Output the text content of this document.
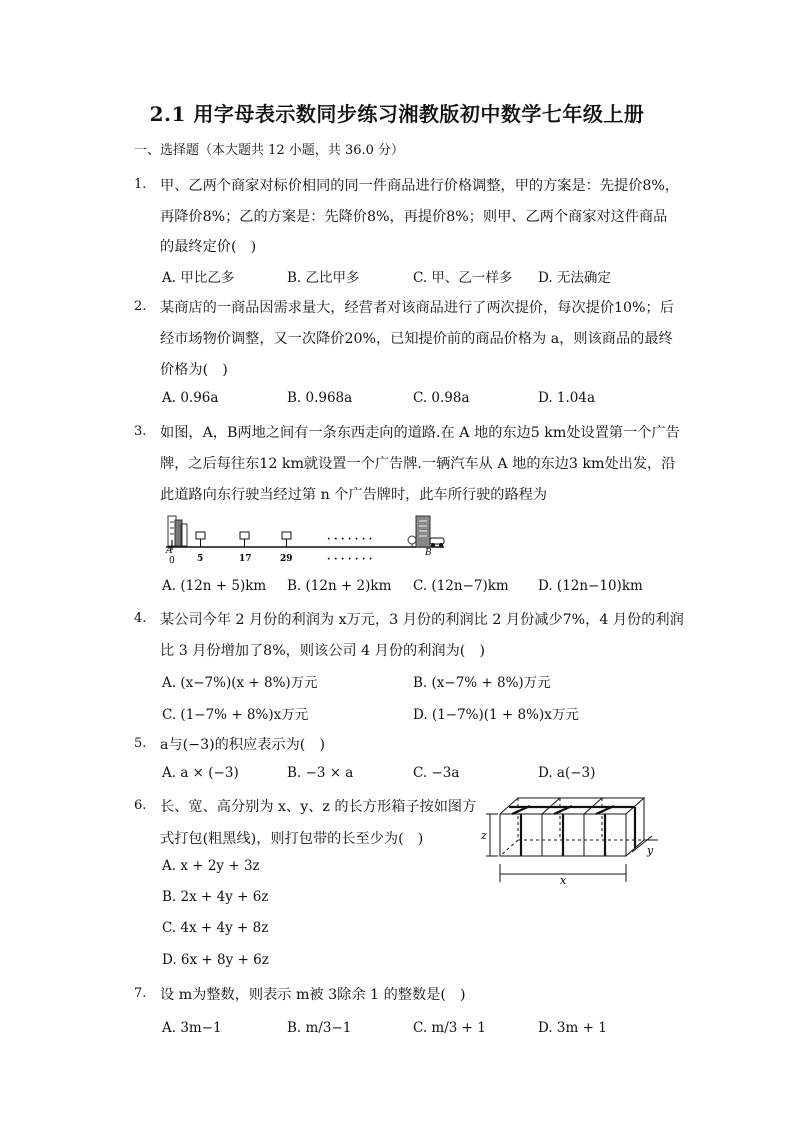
2.1 用字母表示数同步练习湘教版初中数学七年级上册
一、选择题（本大题共 12 小题，共 36.0 分）
1. 甲、乙两个商家对标价相同的同一件商品进行价格调整，甲的方案是：先提价8%，
再降价8%；乙的方案是：先降价8%，再提价8%；则甲、乙两个商家对这件商品
的最终定价(　)
A. 甲比乙多	B. 乙比甲多	C. 甲、乙一样多 D. 无法确定
2. 某商店的一商品因需求量大，经营者对该商品进行了两次提价，每次提价10%；后
经市场物价调整，又一次降价20%，已知提价前的商品价格为 a，则该商品的最终
价格为(　)
A. 0.96a	B. 0.968a	C. 0.98a	D. 1.04a
3. 如图，A，B两地之间有一条东西走向的道路.在 A 地的东边5 km处设置第一个广告
牌，之后每往东12 km就设置一个广告牌.一辆汽车从 A 地的东边3 km处出发，沿
此道路向东行驶当经过第 n 个广告牌时，此车所行驶的路程为
A
0 5	17	29
· · · · · · ·
· · · · · · ·
B
A. (12n + 5)km B. (12n + 2)km C. (12n−7)km D. (12n−10)km
4. 某公司今年 2 月份的利润为 x万元，3 月份的利润比 2 月份减少7%，4 月份的利润
比 3 月份增加了8%，则该公司 4 月份的利润为(　)
A. (x−7%)(x + 8%)万元	B. (x−7% + 8%)万元
C. (1−7% + 8%)x万元	D. (1−7%)(1 + 8%)x万元
5. a与(−3)的积应表示为(　)
A. a × (−3)	B. −3 × a	C. −3a	D. a(−3)
6. 长、宽、高分别为 x、y、z 的长方形箱子按如图方
式打包(粗黑线)，则打包带的长至少为(　)
A. x + 2y + 3z
B. 2x + 4y + 6z
C. 4x + 4y + 8z
D. 6x + 8y + 6z
z
x
y
7. 设 m为整数，则表示 m被 3除余 1 的整数是(　)
A. 3m−1	B. m/3−1	C. m/3 + 1	D. 3m + 1
